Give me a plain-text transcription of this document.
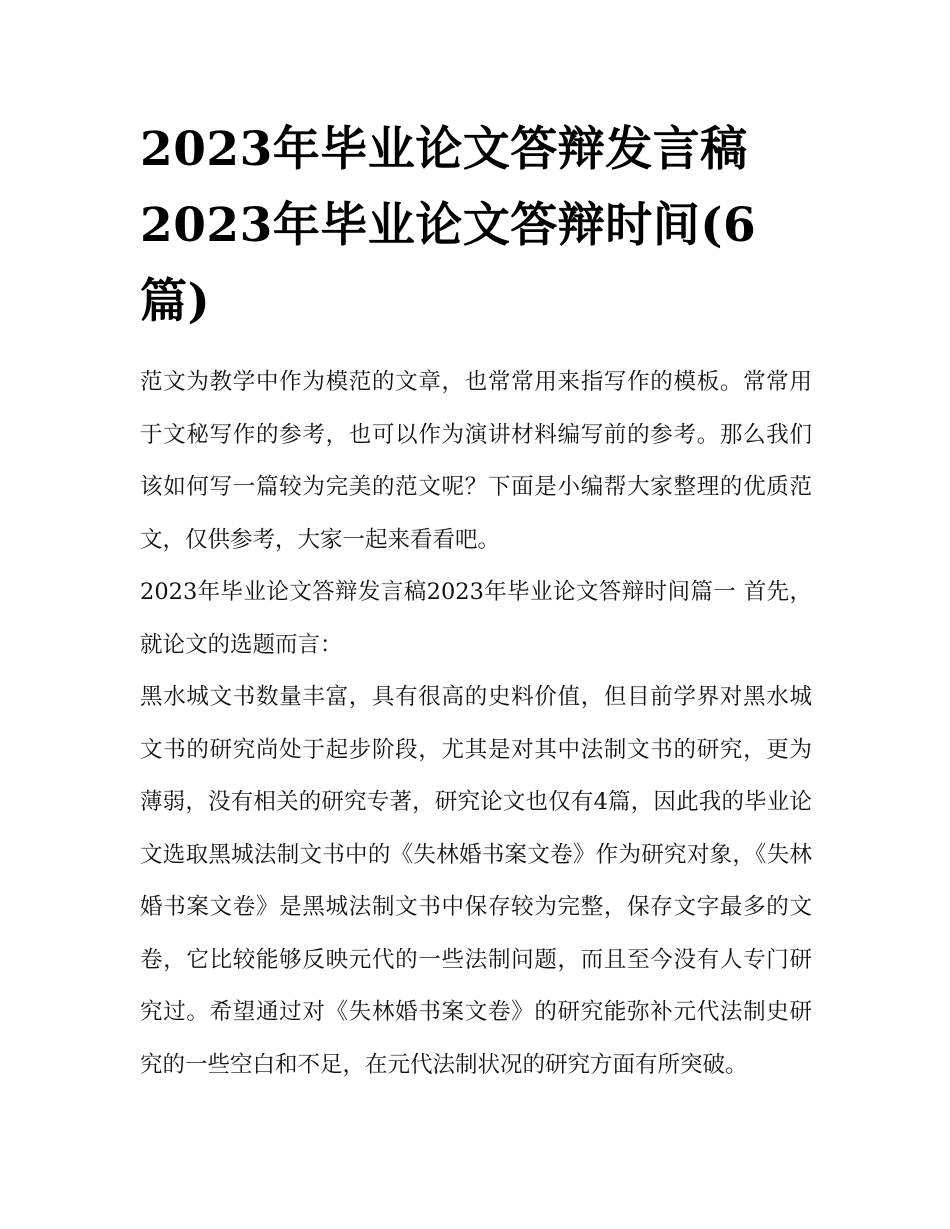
2023年毕业论文答辩发言稿2023年毕业论文答辩时间(6篇)

范文为教学中作为模范的文章，也常常用来指写作的模板。常常用于文秘写作的参考，也可以作为演讲材料编写前的参考。那么我们该如何写一篇较为完美的范文呢？下面是小编帮大家整理的优质范文，仅供参考，大家一起来看看吧。

2023年毕业论文答辩发言稿2023年毕业论文答辩时间篇一 首先，就论文的选题而言：

黑水城文书数量丰富，具有很高的史料价值，但目前学界对黑水城文书的研究尚处于起步阶段，尤其是对其中法制文书的研究，更为薄弱，没有相关的研究专著，研究论文也仅有4篇，因此我的毕业论文选取黑城法制文书中的《失林婚书案文卷》作为研究对象，《失林婚书案文卷》是黑城法制文书中保存较为完整，保存文字最多的文卷，它比较能够反映元代的一些法制问题，而且至今没有人专门研究过。希望通过对《失林婚书案文卷》的研究能弥补元代法制史研究的一些空白和不足，在元代法制状况的研究方面有所突破。
